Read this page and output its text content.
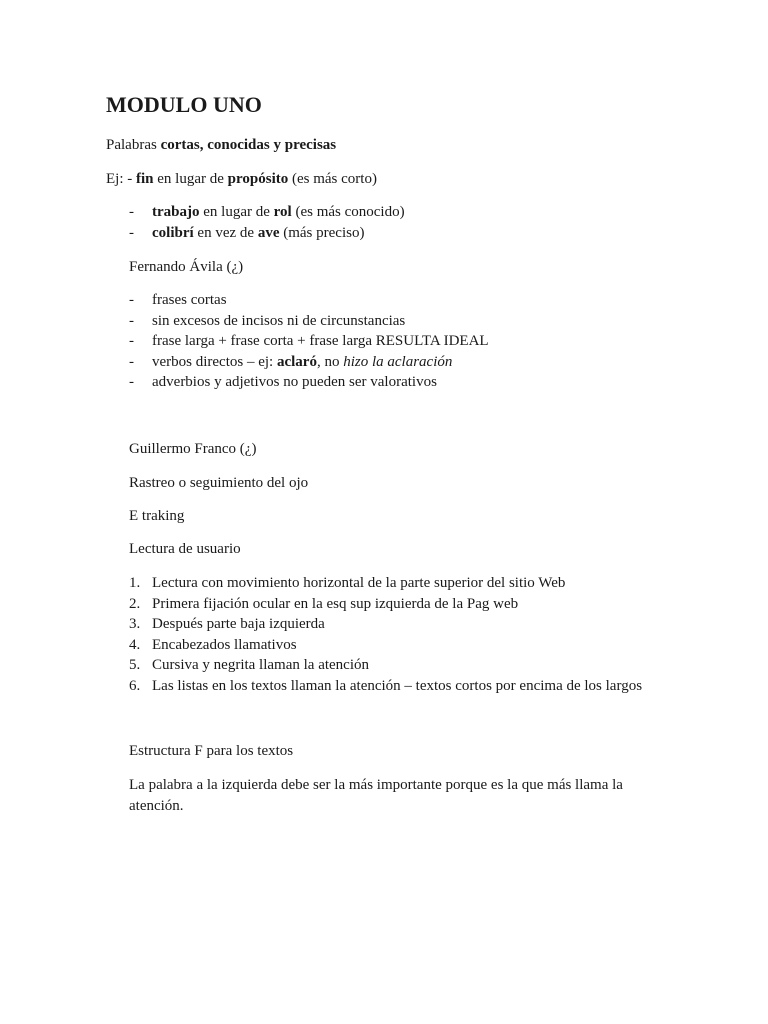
MODULO UNO

Palabras cortas, conocidas y precisas

Ej: - fin en lugar de propósito (es más corto)

- trabajo en lugar de rol (es más conocido)
- colibrí en vez de ave (más preciso)

Fernando Ávila (¿)

- frases cortas
- sin excesos de incisos ni de circunstancias
- frase larga + frase corta + frase larga RESULTA IDEAL
- verbos directos – ej: aclaró, no hizo la aclaración
- adverbios y adjetivos no pueden ser valorativos

Guillermo Franco (¿)

Rastreo o seguimiento del ojo

E traking

Lectura de usuario

1. Lectura con movimiento horizontal de la parte superior del sitio Web
2. Primera fijación ocular en la esq sup izquierda de la Pag web
3. Después parte baja izquierda
4. Encabezados llamativos
5. Cursiva y negrita llaman la atención
6. Las listas en los textos llaman la atención – textos cortos por encima de los largos

Estructura F para los textos

La palabra a la izquierda debe ser la más importante porque es la que más llama la atención.
